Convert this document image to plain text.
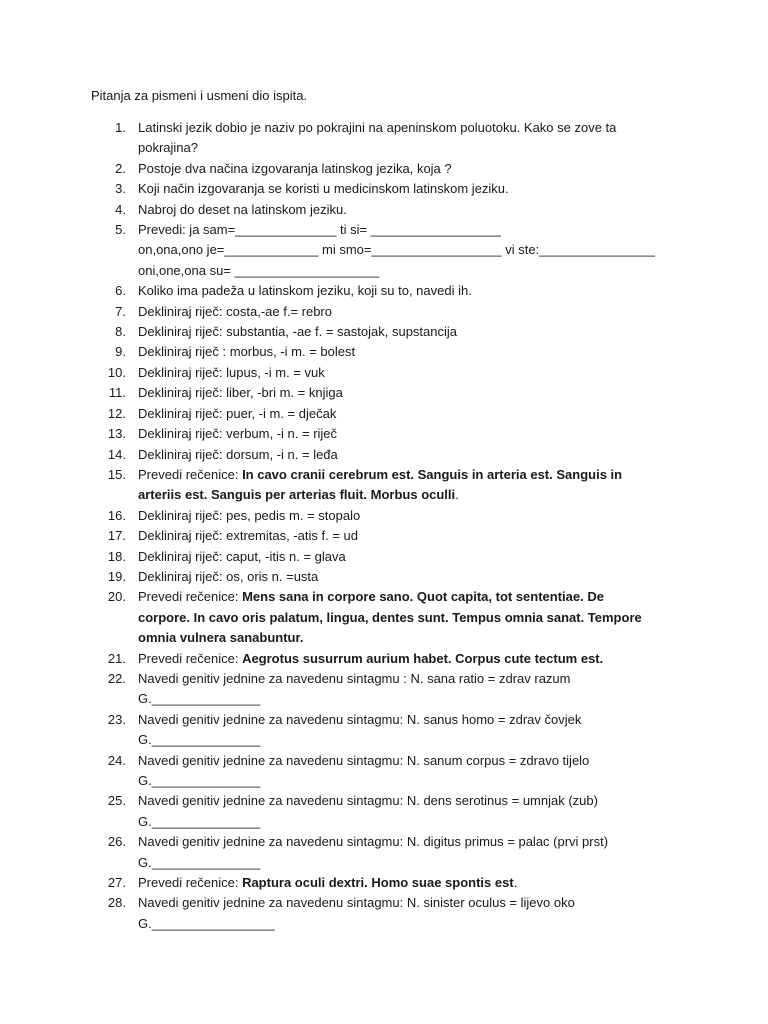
Pitanja za pismeni i usmeni dio ispita.
1. Latinski jezik dobio je naziv po pokrajini na apeninskom poluotoku. Kako se zove ta
pokrajina?
2. Postoje dva načina izgovaranja latinskog jezika, koja ?
3. Koji način izgovaranja se koristi u medicinskom latinskom jeziku.
4. Nabroj do deset na latinskom jeziku.
5. Prevedi: ja sam=______________ ti si= __________________
on,ona,ono je=_____________ mi smo=__________________ vi ste:________________
oni,one,ona su= ____________________
6. Koliko ima padeža u latinskom jeziku, koji su to, navedi ih.
7. Dekliniraj riječ: costa,-ae f.= rebro
8. Dekliniraj riječ: substantia, -ae f. = sastojak, supstancija
9. Dekliniraj riječ : morbus, -i m. = bolest
10. Dekliniraj riječ: lupus, -i m. = vuk
11. Dekliniraj riječ: liber, -bri m. = knjiga
12. Dekliniraj riječ: puer, -i m. = dječak
13. Dekliniraj riječ: verbum, -i n. = riječ
14. Dekliniraj riječ: dorsum, -i n. = leđa
15. Prevedi rečenice: In cavo cranii cerebrum est. Sanguis in arteria est. Sanguis in
arteriis est. Sanguis per arterias fluit. Morbus oculli.
16. Dekliniraj riječ: pes, pedis m. = stopalo
17. Dekliniraj riječ: extremitas, -atis f. = ud
18. Dekliniraj riječ: caput, -itis n. = glava
19. Dekliniraj riječ: os, oris n. =usta
20. Prevedi rečenice: Mens sana in corpore sano. Quot capita, tot sententiae. De
corpore. In cavo oris palatum, lingua, dentes sunt. Tempus omnia sanat. Tempore
omnia vulnera sanabuntur.
21. Prevedi rečenice: Aegrotus susurrum aurium habet. Corpus cute tectum est.
22. Navedi genitiv jednine za navedenu sintagmu : N. sana ratio = zdrav razum
G._______________
23. Navedi genitiv jednine za navedenu sintagmu: N. sanus homo = zdrav čovjek
G._______________
24. Navedi genitiv jednine za navedenu sintagmu: N. sanum corpus = zdravo tijelo
G._______________
25. Navedi genitiv jednine za navedenu sintagmu: N. dens serotinus = umnjak (zub)
G._______________
26. Navedi genitiv jednine za navedenu sintagmu: N. digitus primus = palac (prvi prst)
G._______________
27. Prevedi rečenice: Raptura oculi dextri. Homo suae spontis est.
28. Navedi genitiv jednine za navedenu sintagmu: N. sinister oculus = lijevo oko
G._________________
